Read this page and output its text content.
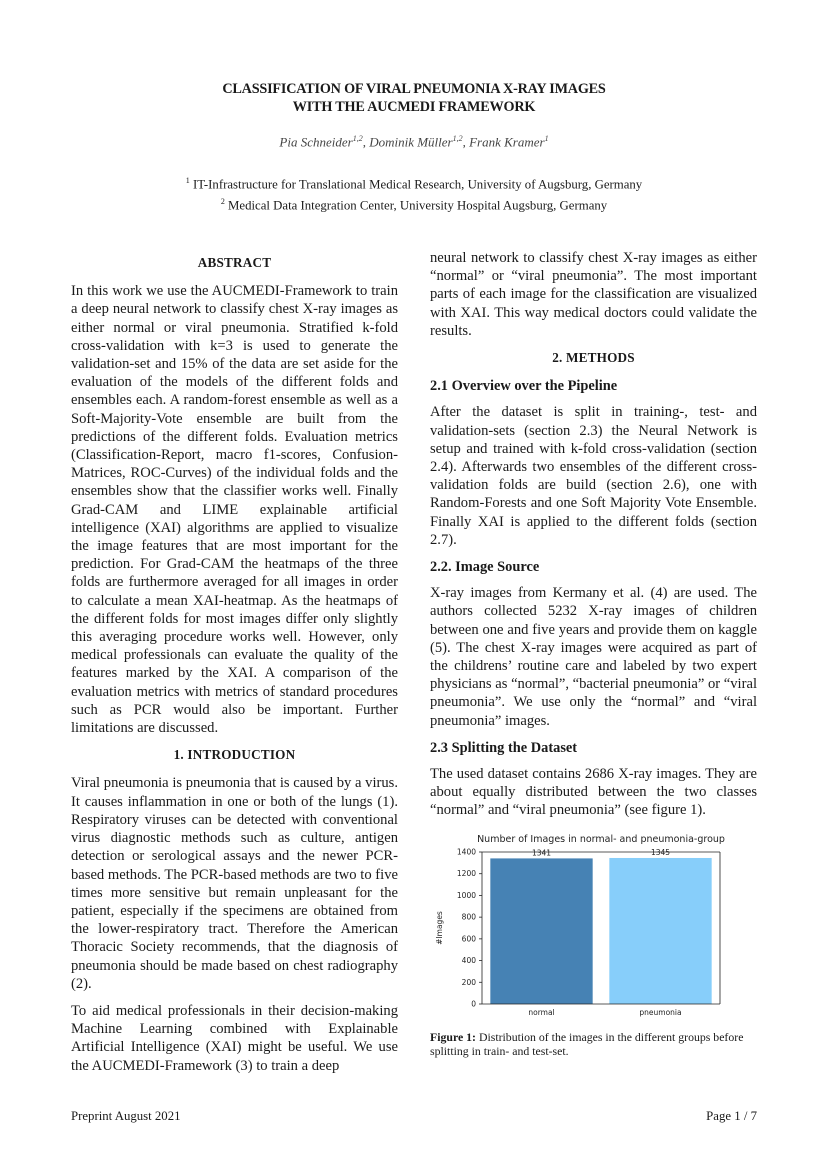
CLASSIFICATION OF VIRAL PNEUMONIA X-RAY IMAGES
WITH THE AUCMEDI FRAMEWORK
Pia Schneider$^{1,2}$, Dominik Müller$^{1,2}$, Frank Kramer$^1$
$^1$ IT-Infrastructure for Translational Medical Research, University of Augsburg, Germany
$^2$ Medical Data Integration Center, University Hospital Augsburg, Germany
ABSTRACT

In this work we use the AUCMEDI-Framework to train a deep neural network to classify chest X-ray images as either normal or viral pneumonia. Stratified k-fold cross-validation with k=3 is used to generate the validation-set and 15% of the data are set aside for the evaluation of the models of the different folds and ensembles each. A random-forest ensemble as well as a Soft-Majority-Vote ensemble are built from the predictions of the different folds. Evaluation metrics (Classification-Report, macro f1-scores, Confusion-Matrices, ROC-Curves) of the individual folds and the ensembles show that the classifier works well. Finally Grad-CAM and LIME explainable artificial intelligence (XAI) algorithms are applied to visualize the image features that are most important for the prediction. For Grad-CAM the heatmaps of the three folds are furthermore averaged for all images in order to calculate a mean XAI-heatmap. As the heatmaps of the different folds for most images differ only slightly this averaging procedure works well. However, only medical professionals can evaluate the quality of the features marked by the XAI. A comparison of the evaluation metrics with metrics of standard procedures such as PCR would also be important. Further limitations are discussed.

1. INTRODUCTION

Viral pneumonia is pneumonia that is caused by a virus. It causes inflammation in one or both of the lungs (1). Respiratory viruses can be detected with conventional virus diagnostic methods such as culture, antigen detection or serological assays and the newer PCR-based methods. The PCR-based methods are two to five times more sensitive but remain unpleasant for the patient, especially if the specimens are obtained from the lower-respiratory tract. Therefore the American Thoracic Society recommends, that the diagnosis of pneumonia should be made based on chest radiography (2).

To aid medical professionals in their decision-making Machine Learning combined with Explainable Artificial Intelligence (XAI) might be useful. We use the AUCMEDI-Framework (3) to train a deep

neural network to classify chest X-ray images as either “normal” or “viral pneumonia”. The most important parts of each image for the classification are visualized with XAI. This way medical doctors could validate the results.

2. METHODS
2.1 Overview over the Pipeline

After the dataset is split in training-, test- and validation-sets (section 2.3) the Neural Network is setup and trained with k-fold cross-validation (section 2.4). Afterwards two ensembles of the different cross-validation folds are build (section 2.6), one with Random-Forests and one Soft Majority Vote Ensemble. Finally XAI is applied to the different folds (section 2.7).

2.2. Image Source

X-ray images from Kermany et al. (4) are used. The authors collected 5232 X-ray images of children between one and five years and provide them on kaggle (5). The chest X-ray images were acquired as part of the childrens’ routine care and labeled by two expert physicians as “normal”, “bacterial pneumonia” or “viral pneumonia”. We use only the “normal” and “viral pneumonia” images.

2.3 Splitting the Dataset

The used dataset contains 2686 X-ray images. They are about equally distributed between the two classes “normal” and “viral pneumonia” (see figure 1).

Number of Images in normal- and pneumonia-group
1341
normal
1345
pneumonia
0
200
400
600
800
1000
1200
1400
#Images
Figure 1: Distribution of the images in the different groups before splitting in train- and test-set.
Preprint August 2021	Page 1 / 7
